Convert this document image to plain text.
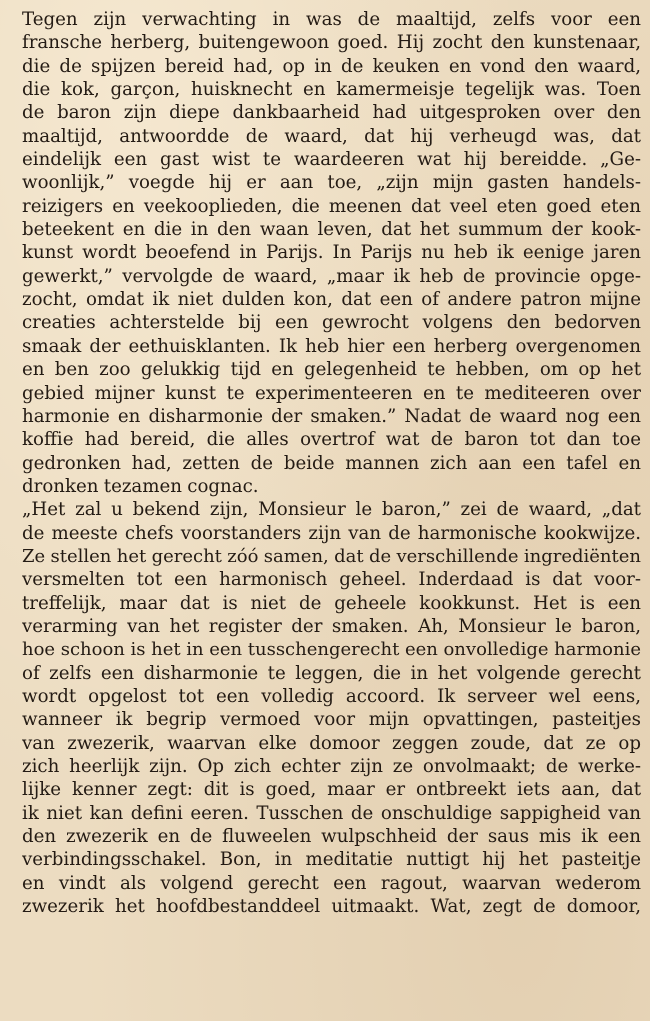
Tegen zijn verwachting in was de maaltijd, zelfs voor een
fransche herberg, buitengewoon goed. Hij zocht den kunstenaar,
die de spijzen bereid had, op in de keuken en vond den waard,
die kok, garçon, huisknecht en kamermeisje tegelijk was. Toen
de baron zijn diepe dankbaarheid had uitgesproken over den
maaltijd, antwoordde de waard, dat hij verheugd was, dat
eindelijk een gast wist te waardeeren wat hij bereidde. „Ge-
woonlijk,” voegde hij er aan toe, „zijn mijn gasten handels-
reizigers en veekooplieden, die meenen dat veel eten goed eten
beteekent en die in den waan leven, dat het summum der kook-
kunst wordt beoefend in Parijs. In Parijs nu heb ik eenige jaren
gewerkt,” vervolgde de waard, „maar ik heb de provincie opge-
zocht, omdat ik niet dulden kon, dat een of andere patron mijne
creaties achterstelde bij een gewrocht volgens den bedorven
smaak der eethuisklanten. Ik heb hier een herberg overgenomen
en ben zoo gelukkig tijd en gelegenheid te hebben, om op het
gebied mijner kunst te experimenteeren en te mediteeren over
harmonie en disharmonie der smaken.” Nadat de waard nog een
koffie had bereid, die alles overtrof wat de baron tot dan toe
gedronken had, zetten de beide mannen zich aan een tafel en
dronken tezamen cognac.
„Het zal u bekend zijn, Monsieur le baron,” zei de waard, „dat
de meeste chefs voorstanders zijn van de harmonische kookwijze.
Ze stellen het gerecht zóó samen, dat de verschillende ingrediënten
versmelten tot een harmonisch geheel. Inderdaad is dat voor-
treffelijk, maar dat is niet de geheele kookkunst. Het is een
verarming van het register der smaken. Ah, Monsieur le baron,
hoe schoon is het in een tusschengerecht een onvolledige harmonie
of zelfs een disharmonie te leggen, die in het volgende gerecht
wordt opgelost tot een volledig accoord. Ik serveer wel eens,
wanneer ik begrip vermoed voor mijn opvattingen, pasteitjes
van zwezerik, waarvan elke domoor zeggen zoude, dat ze op
zich heerlijk zijn. Op zich echter zijn ze onvolmaakt; de werke-
lijke kenner zegt: dit is goed, maar er ontbreekt iets aan, dat
ik niet kan defini eeren. Tusschen de onschuldige sappigheid van
den zwezerik en de fluweelen wulpschheid der saus mis ik een
verbindingsschakel. Bon, in meditatie nuttigt hij het pasteitje
en vindt als volgend gerecht een ragout, waarvan wederom
zwezerik het hoofdbestanddeel uitmaakt. Wat, zegt de domoor,
